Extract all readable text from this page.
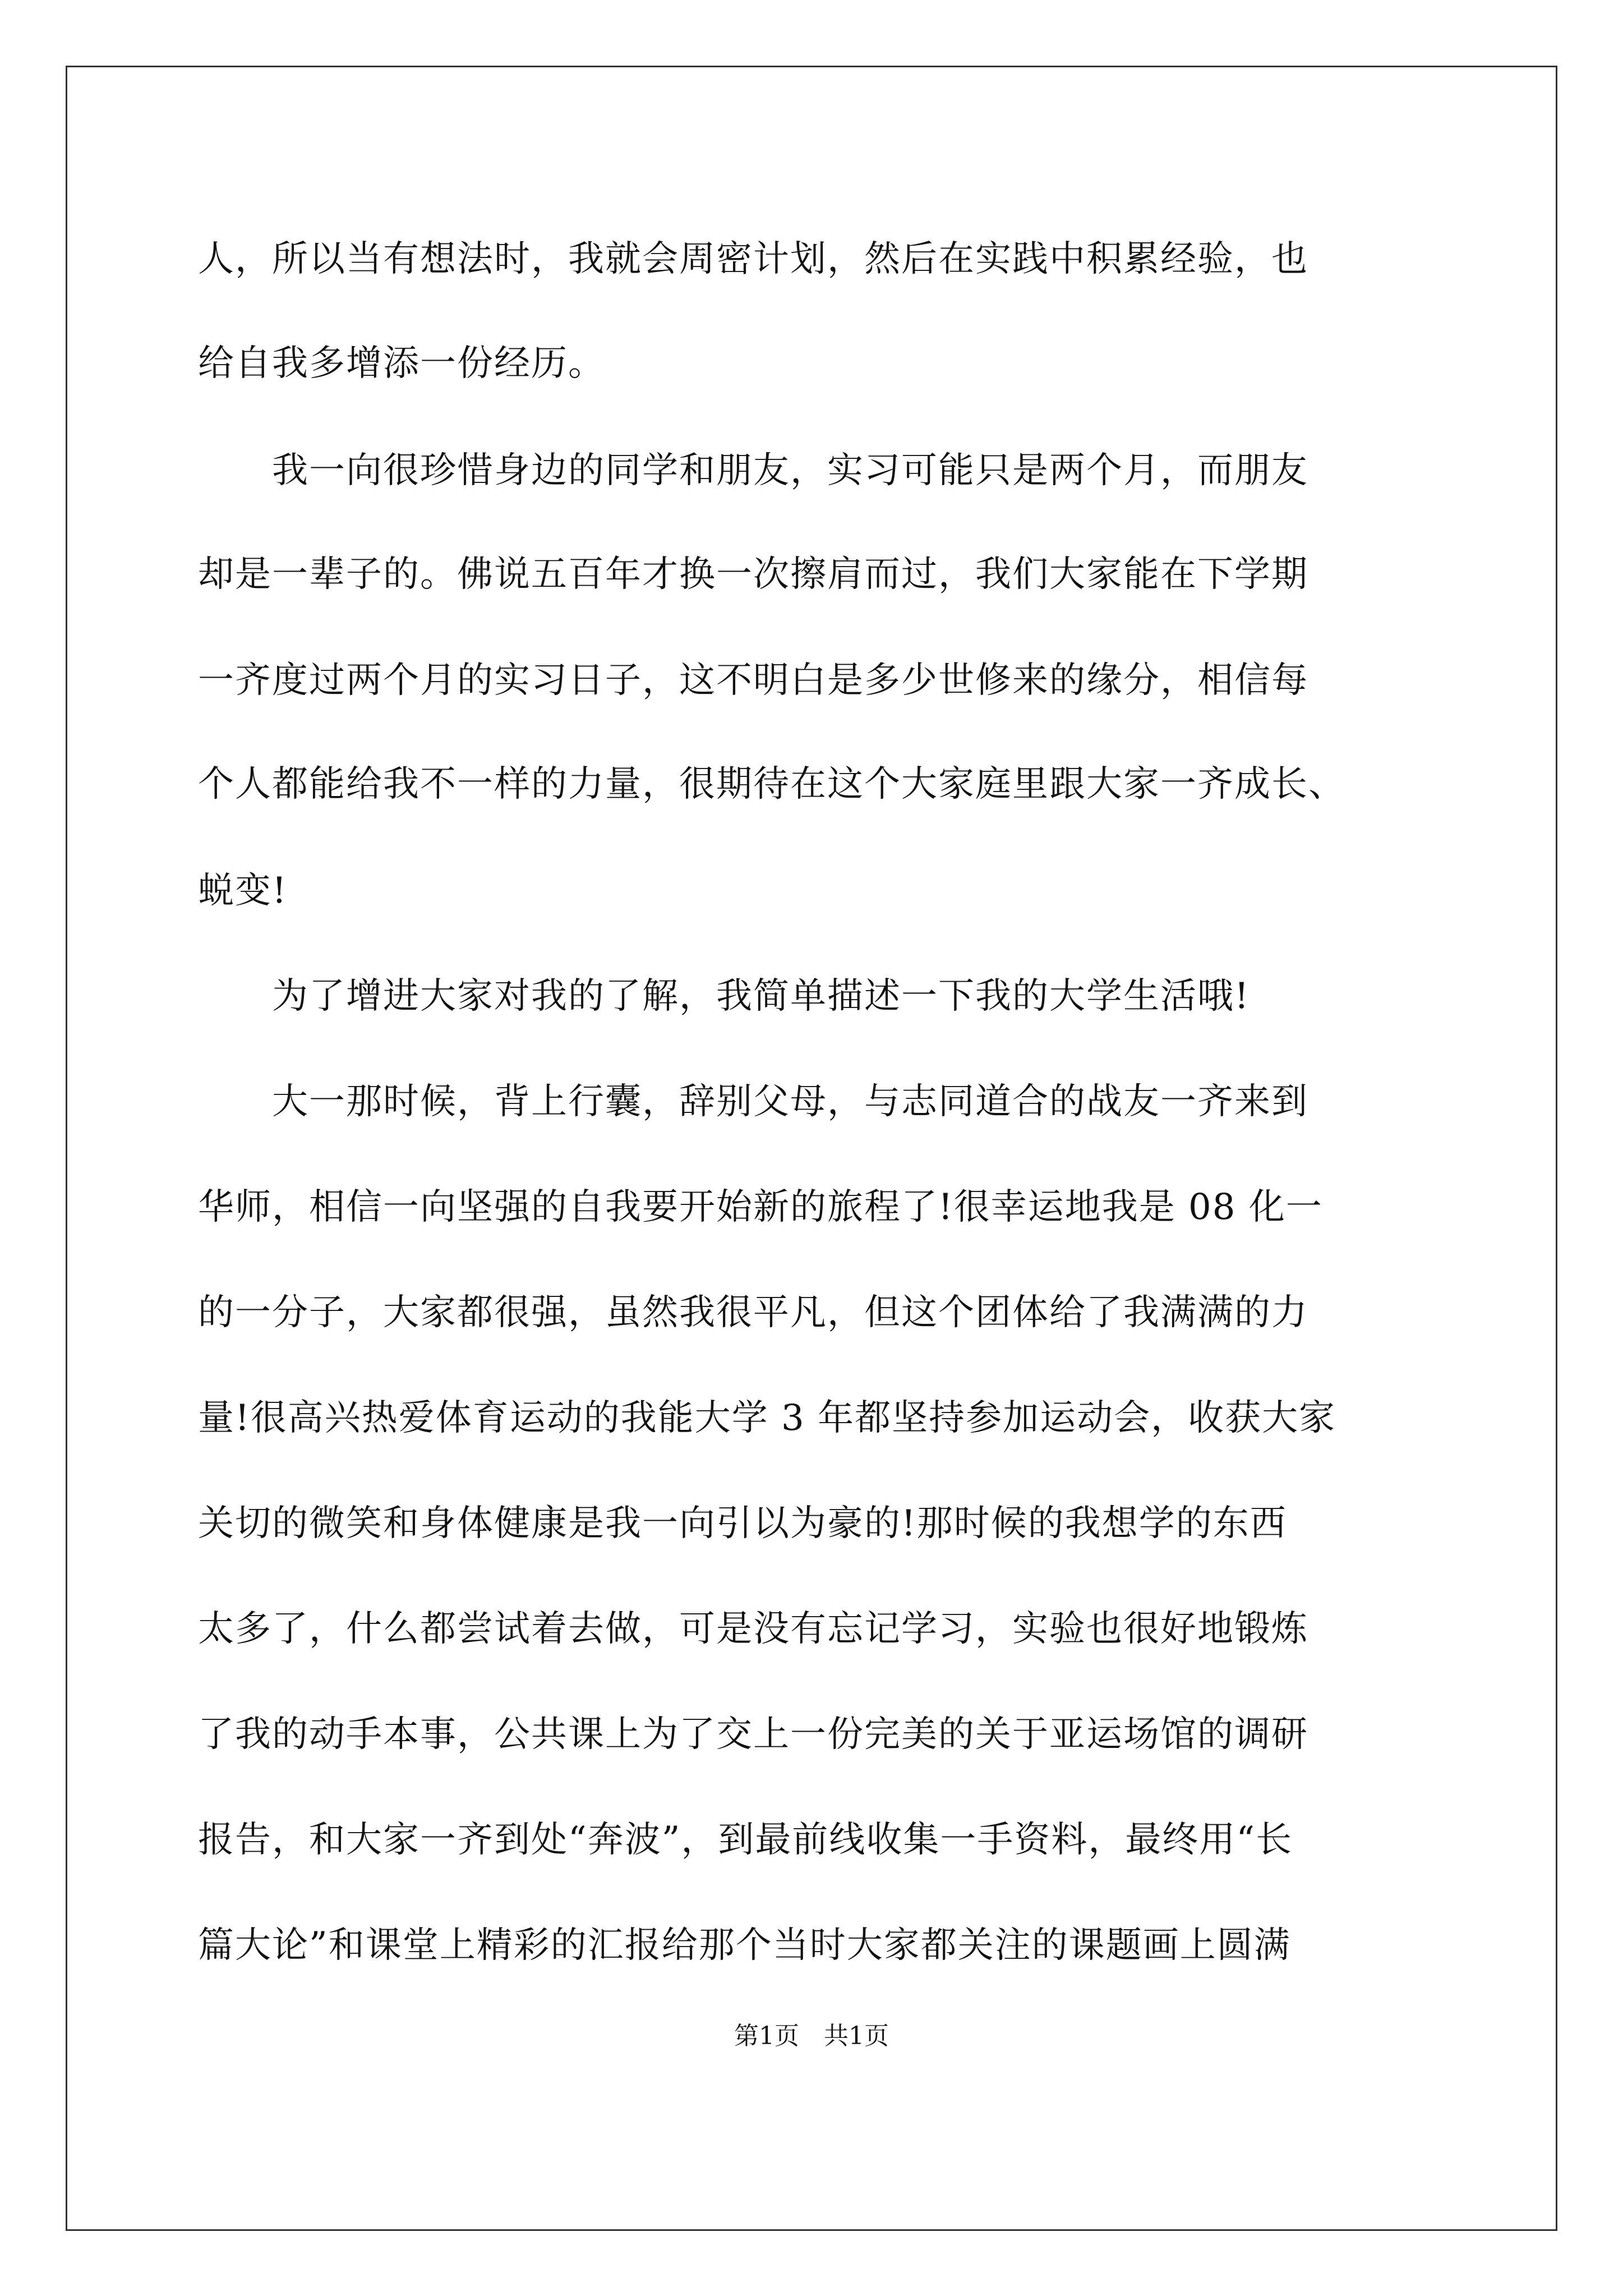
人，所以当有想法时，我就会周密计划，然后在实践中积累经验，也
给自我多增添一份经历。
　　我一向很珍惜身边的同学和朋友，实习可能只是两个月，而朋友
却是一辈子的。佛说五百年才换一次擦肩而过，我们大家能在下学期
一齐度过两个月的实习日子，这不明白是多少世修来的缘分，相信每
个人都能给我不一样的力量，很期待在这个大家庭里跟大家一齐成长、
蜕变!
　　为了增进大家对我的了解，我简单描述一下我的大学生活哦!
　　大一那时候，背上行囊，辞别父母，与志同道合的战友一齐来到
华师，相信一向坚强的自我要开始新的旅程了!很幸运地我是 08 化一
的一分子，大家都很强，虽然我很平凡，但这个团体给了我满满的力
量!很高兴热爱体育运动的我能大学 3 年都坚持参加运动会，收获大家
关切的微笑和身体健康是我一向引以为豪的!那时候的我想学的东西
太多了，什么都尝试着去做，可是没有忘记学习，实验也很好地锻炼
了我的动手本事，公共课上为了交上一份完美的关于亚运场馆的调研
报告，和大家一齐到处“奔波”，到最前线收集一手资料，最终用“长
篇大论”和课堂上精彩的汇报给那个当时大家都关注的课题画上圆满
第1页　共1页
